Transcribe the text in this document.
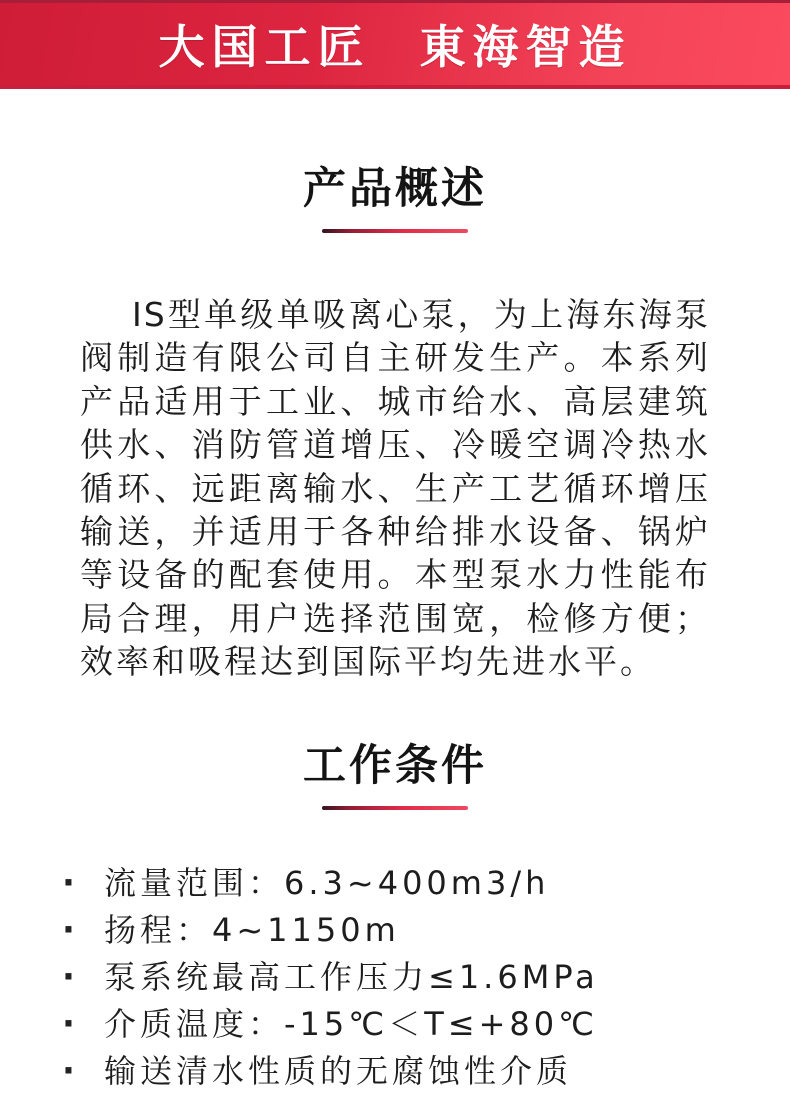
大国工匠 東海智造
产品概述
IS型单级单吸离心泵，为上海东海泵
阀制造有限公司自主研发生产。本系列
产品适用于工业、城市给水、高层建筑
供水、消防管道增压、冷暖空调冷热水
循环、远距离输水、生产工艺循环增压
输送，并适用于各种给排水设备、锅炉
等设备的配套使用。本型泵水力性能布
局合理，用户选择范围宽，检修方便；
效率和吸程达到国际平均先进水平。
工作条件
· 流量范围：6.3~400m3/h
· 扬程：4~1150m
· 泵系统最高工作压力≤1.6MPa
· 介质温度：-15℃＜T≤+80℃
· 输送清水性质的无腐蚀性介质
